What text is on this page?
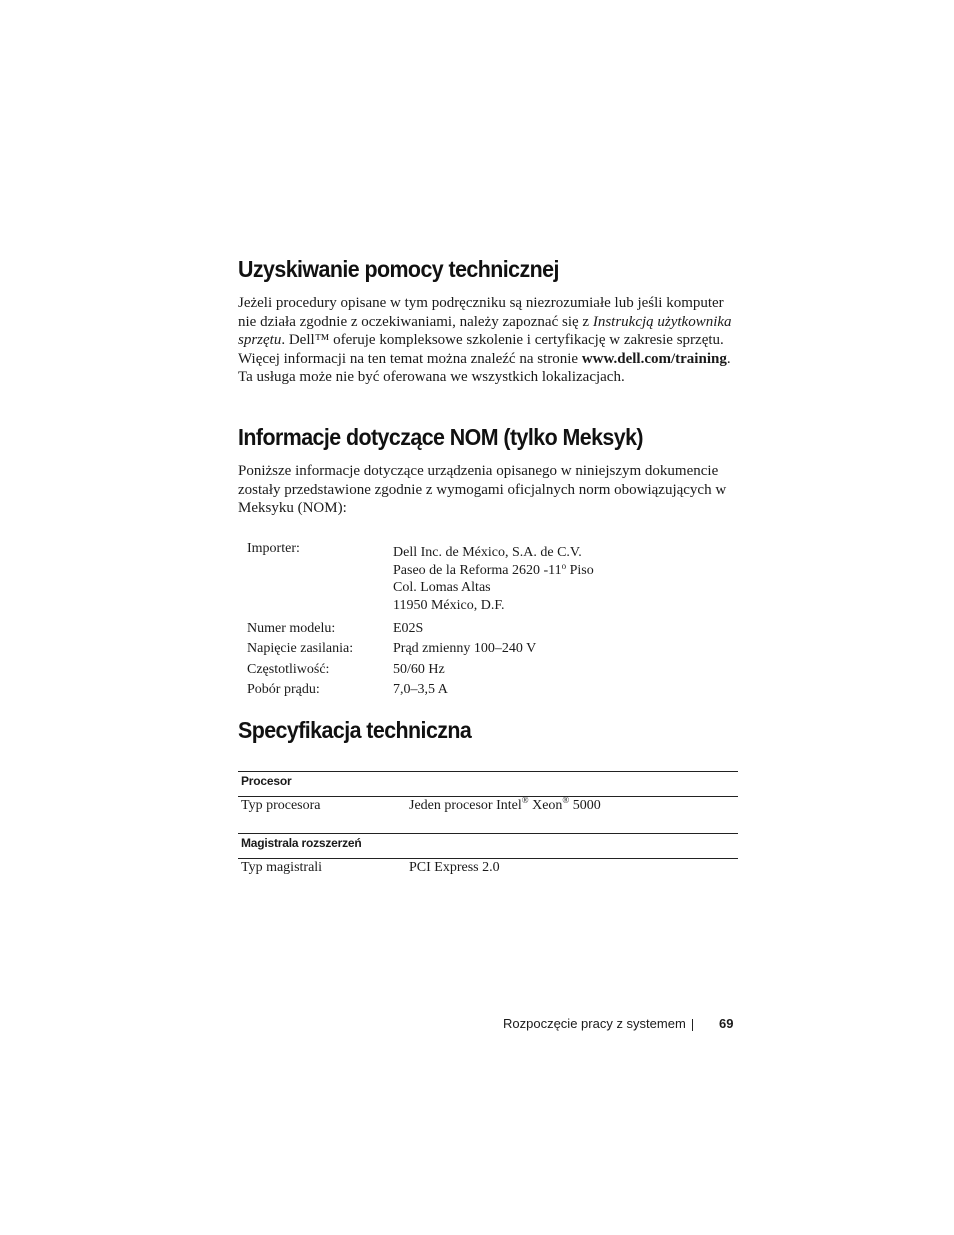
Uzyskiwanie pomocy technicznej

Jeżeli procedury opisane w tym podręczniku są niezrozumiałe lub jeśli komputer nie działa zgodnie z oczekiwaniami, należy zapoznać się z Instrukcją użytkownika sprzętu. Dell™ oferuje kompleksowe szkolenie i certyfikację w zakresie sprzętu. Więcej informacji na ten temat można znaleźć na stronie www.dell.com/training. Ta usługa może nie być oferowana we wszystkich lokalizacjach.

Informacje dotyczące NOM (tylko Meksyk)

Poniższe informacje dotyczące urządzenia opisanego w niniejszym dokumencie zostały przedstawione zgodnie z wymogami oficjalnych norm obowiązujących w Meksyku (NOM):

Importer:	Dell Inc. de México, S.A. de C.V.
Paseo de la Reforma 2620 -11$^o$ Piso
Col. Lomas Altas
11950 México, D.F.
Numer modelu:	E02S
Napięcie zasilania:	Prąd zmienny 100–240 V
Częstotliwość:	50/60 Hz
Pobór prądu:	7,0–3,5 A
Specyfikacja techniczna
Procesor
Typ procesora	Jeden procesor Intel® Xeon® 5000
Magistrala rozszerzeń
Typ magistrali	PCI Express 2.0
Rozpoczęcie pracy z systemem	69
